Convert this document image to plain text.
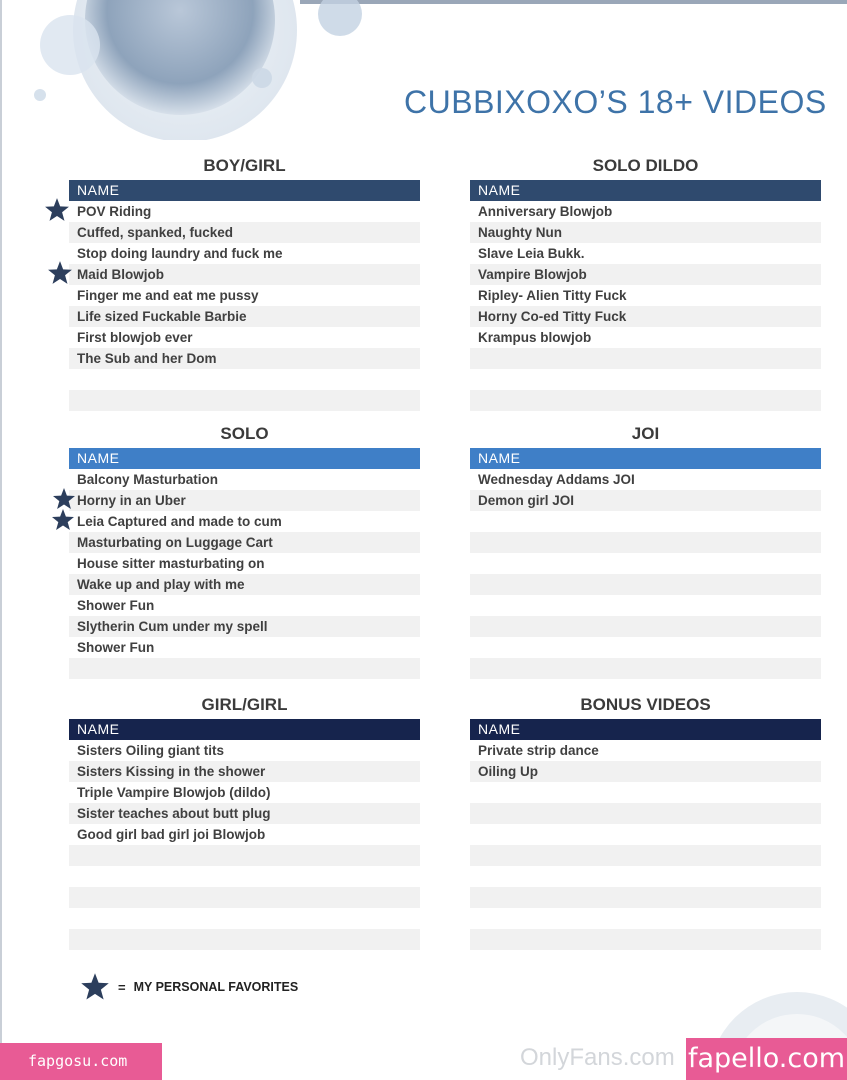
CUBBIXOXO’S 18+ VIDEOS
BOY/GIRL
NAME
POV Riding
Cuffed, spanked, fucked
Stop doing laundry and fuck me
Maid Blowjob
Finger me and eat me pussy
Life sized Fuckable Barbie
First blowjob ever
The Sub and her Dom
SOLO DILDO
NAME
Anniversary Blowjob
Naughty Nun
Slave Leia Bukk.
Vampire Blowjob
Ripley- Alien Titty Fuck
Horny Co-ed Titty Fuck
Krampus blowjob
SOLO
NAME
Balcony Masturbation
Horny in an Uber
Leia Captured and made to cum
Masturbating on Luggage Cart
House sitter masturbating on
Wake up and play with me
Shower Fun
Slytherin Cum under my spell
Shower Fun
JOI
NAME
Wednesday Addams JOI
Demon girl JOI
GIRL/GIRL
NAME
Sisters Oiling giant tits
Sisters Kissing in the shower
Triple Vampire Blowjob (dildo)
Sister teaches about butt plug
Good girl bad girl joi Blowjob
BONUS VIDEOS
NAME
Private strip dance
Oiling Up
= MY PERSONAL FAVORITES
fapgosu.com	OnlyFans.com fapello.com
